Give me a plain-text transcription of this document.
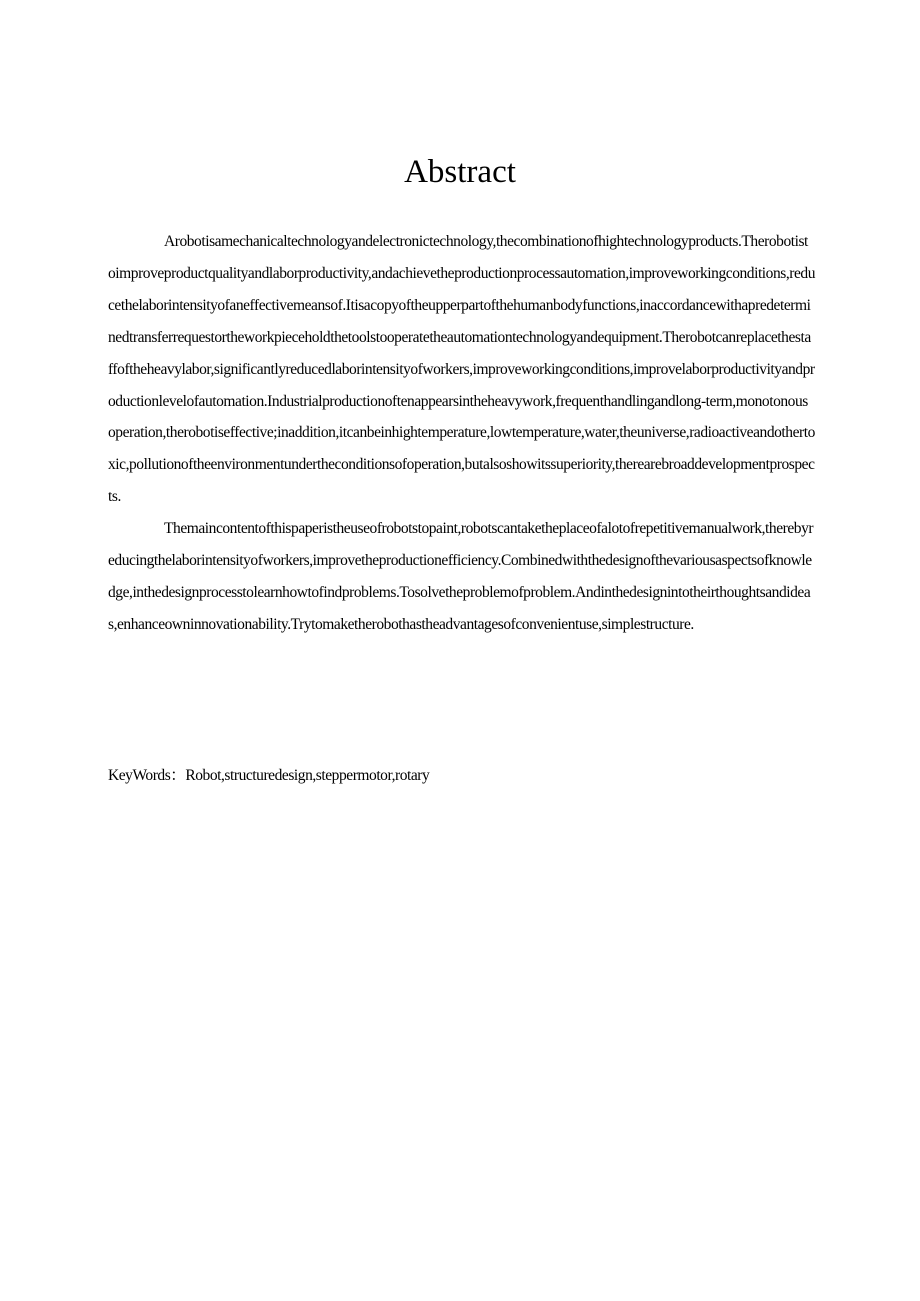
Abstract

Arobotisamechanicaltechnologyandelectronictechnology,thecombinationofhightechnologyproducts.Therobotistoimproveproductqualityandlaborproductivity,andachievetheproductionprocessautomation,improveworkingconditions,reducethelaborintensityofaneffectivemeansof.Itisacopyoftheupperpartofthehumanbodyfunctions,inaccordancewithapredeterminedtransferrequestortheworkpieceholdthetoolstooperatetheautomationtechnologyandequipment.Therobotcanreplacethestaffoftheheavylabor,significantlyreducedlaborintensityofworkers,improveworkingconditions,improvelaborproductivityandproductionlevelofautomation.Industrialproductionoftenappearsintheheavywork,frequenthandlingandlong-term,monotonousoperation,therobotiseffective;inaddition,itcanbeinhightemperature,lowtemperature,water,theuniverse,radioactiveandothertoxic,pollutionoftheenvironmentundertheconditionsofoperation,butalsoshowitssuperiority,therearebroaddevelopmentprospects.

Themaincontentofthispaperistheuseofrobotstopaint,robotscantaketheplaceofalotofrepetitivemanualwork,therebyreducingthelaborintensityofworkers,improvetheproductionefficiency.Combinedwiththedesignofthevariousaspectsofknowledge,inthedesignprocesstolearnhowtofindproblems.Tosolvetheproblemofproblem.Andinthedesignintotheirthoughtsandideas,enhanceowninnovationability.Trytomaketherobothastheadvantagesofconvenientuse,simplestructure.

KeyWords：Robot,structuredesign,steppermotor,rotary
